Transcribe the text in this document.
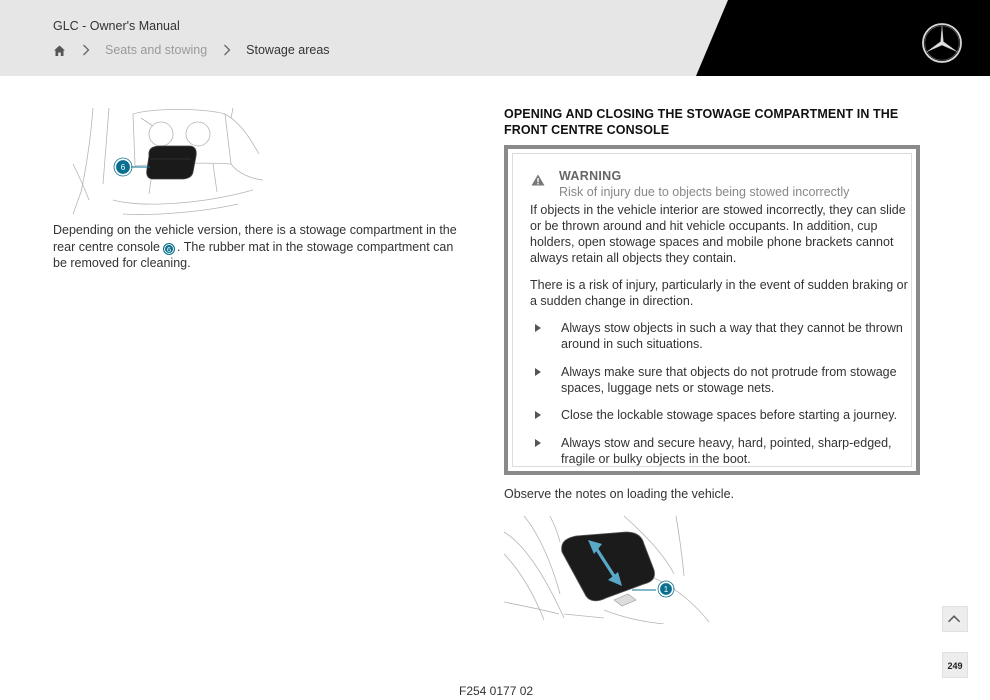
GLC - Owner's Manual
Seats and stowing	Stowage areas
6
Depending on the vehicle version, there is a stowage compartment in the rear centre console 6 . The rubber mat in the stowage compartment can be removed for cleaning.
OPENING AND CLOSING THE STOWAGE COMPARTMENT IN THE FRONT CENTRE CONSOLE
WARNING
Risk of injury due to objects being stowed incorrectly
If objects in the vehicle interior are stowed incorrectly, they can slide or be thrown around and hit vehicle occupants. In addition, cup holders, open stowage spaces and mobile phone brackets cannot always retain all objects they contain.
There is a risk of injury, particularly in the event of sudden braking or a sudden change in direction.
Always stow objects in such a way that they cannot be thrown around in such situations.
Always make sure that objects do not protrude from stowage spaces, luggage nets or stowage nets.
Close the lockable stowage spaces before starting a journey.
Always stow and secure heavy, hard, pointed, sharp-edged, fragile or bulky objects in the boot.
Observe the notes on loading the vehicle.
1
F254 0177 02
249
